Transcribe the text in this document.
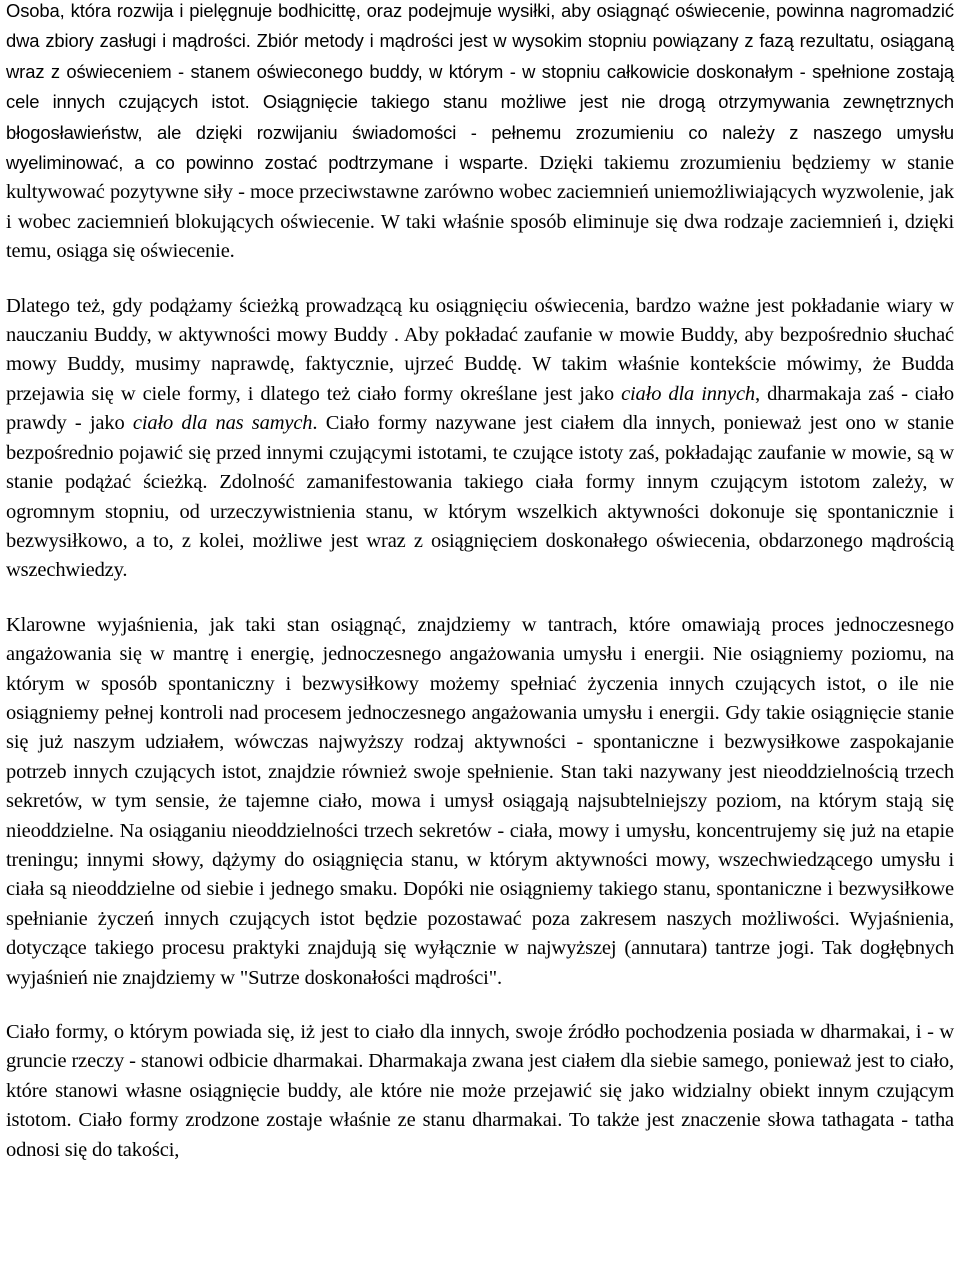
Osoba, która rozwija i pielęgnuje bodhicittę, oraz podejmuje wysiłki, aby osiągnąć oświecenie, powinna nagromadzić dwa zbiory zasługi i mądrości. Zbiór metody i mądrości jest w wysokim stopniu powiązany z fazą rezultatu, osiąganą wraz z oświeceniem - stanem oświeconego buddy, w którym - w stopniu całkowicie doskonałym - spełnione zostają cele innych czujących istot. Osiągnięcie takiego stanu możliwe jest nie drogą otrzymywania zewnętrznych błogosławieństw, ale dzięki rozwijaniu świadomości - pełnemu zrozumieniu co należy z naszego umysłu wyeliminować, a co powinno zostać podtrzymane i wsparte. Dzięki takiemu zrozumieniu będziemy w stanie kultywować pozytywne siły - moce przeciwstawne zarówno wobec zaciemnień uniemożliwiających wyzwolenie, jak i wobec zaciemnień blokujących oświecenie. W taki właśnie sposób eliminuje się dwa rodzaje zaciemnień i, dzięki temu, osiąga się oświecenie.

Dlatego też, gdy podążamy ścieżką prowadzącą ku osiągnięciu oświecenia, bardzo ważne jest pokładanie wiary w nauczaniu Buddy, w aktywności mowy Buddy . Aby pokładać zaufanie w mowie Buddy, aby bezpośrednio słuchać mowy Buddy, musimy naprawdę, faktycznie, ujrzeć Buddę. W takim właśnie kontekście mówimy, że Budda przejawia się w ciele formy, i dlatego też ciało formy określane jest jako ciało dla innych, dharmakaja zaś - ciało prawdy - jako ciało dla nas samych. Ciało formy nazywane jest ciałem dla innych, ponieważ jest ono w stanie bezpośrednio pojawić się przed innymi czującymi istotami, te czujące istoty zaś, pokładając zaufanie w mowie, są w stanie podążać ścieżką. Zdolność zamanifestowania takiego ciała formy innym czującym istotom zależy, w ogromnym stopniu, od urzeczywistnienia stanu, w którym wszelkich aktywności dokonuje się spontanicznie i bezwysiłkowo, a to, z kolei, możliwe jest wraz z osiągnięciem doskonałego oświecenia, obdarzonego mądrością wszechwiedzy.

Klarowne wyjaśnienia, jak taki stan osiągnąć, znajdziemy w tantrach, które omawiają proces jednoczesnego angażowania się w mantrę i energię, jednoczesnego angażowania umysłu i energii. Nie osiągniemy poziomu, na którym w sposób spontaniczny i bezwysiłkowy możemy spełniać życzenia innych czujących istot, o ile nie osiągniemy pełnej kontroli nad procesem jednoczesnego angażowania umysłu i energii. Gdy takie osiągnięcie stanie się już naszym udziałem, wówczas najwyższy rodzaj aktywności - spontaniczne i bezwysiłkowe zaspokajanie potrzeb innych czujących istot, znajdzie również swoje spełnienie. Stan taki nazywany jest nieoddzielnością trzech sekretów, w tym sensie, że tajemne ciało, mowa i umysł osiągają najsubtelniejszy poziom, na którym stają się nieoddzielne. Na osiąganiu nieoddzielności trzech sekretów - ciała, mowy i umysłu, koncentrujemy się już na etapie treningu; innymi słowy, dążymy do osiągnięcia stanu, w którym aktywności mowy, wszechwiedzącego umysłu i ciała są nieoddzielne od siebie i jednego smaku. Dopóki nie osiągniemy takiego stanu, spontaniczne i bezwysiłkowe spełnianie życzeń innych czujących istot będzie pozostawać poza zakresem naszych możliwości. Wyjaśnienia, dotyczące takiego procesu praktyki znajdują się wyłącznie w najwyższej (annutara) tantrze jogi. Tak dogłębnych wyjaśnień nie znajdziemy w "Sutrze doskonałości mądrości".

Ciało formy, o którym powiada się, iż jest to ciało dla innych, swoje źródło pochodzenia posiada w dharmakai, i - w gruncie rzeczy - stanowi odbicie dharmakai. Dharmakaja zwana jest ciałem dla siebie samego, ponieważ jest to ciało, które stanowi własne osiągnięcie buddy, ale które nie może przejawić się jako widzialny obiekt innym czującym istotom. Ciało formy zrodzone zostaje właśnie ze stanu dharmakai. To także jest znaczenie słowa tathagata - tatha odnosi się do takości,
